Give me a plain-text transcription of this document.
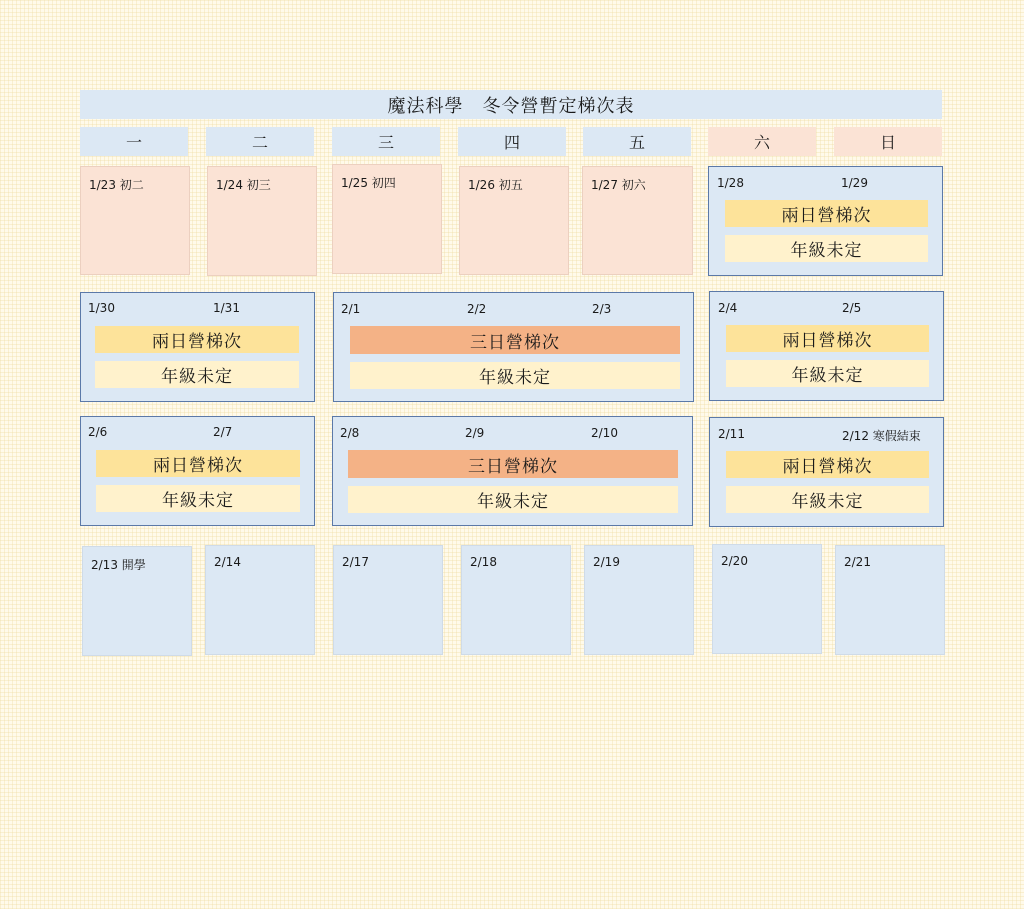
魔法科學　冬令營暫定梯次表
一	二	三	四	五	六	日
1/23 初二	1/24 初三	1/25 初四	1/26 初五	1/27 初六	1/28	1/29
兩日營梯次
年級未定
1/30	1/31
兩日營梯次
年級未定
2/1	2/2	2/3
三日營梯次
年級未定
2/4	2/5
兩日營梯次
年級未定
2/6	2/7
兩日營梯次
年級未定
2/8	2/9	2/10
三日營梯次
年級未定
2/11	2/12 寒假結束
兩日營梯次
年級未定
2/13 開學	2/14	2/17	2/18	2/19	2/20	2/21
